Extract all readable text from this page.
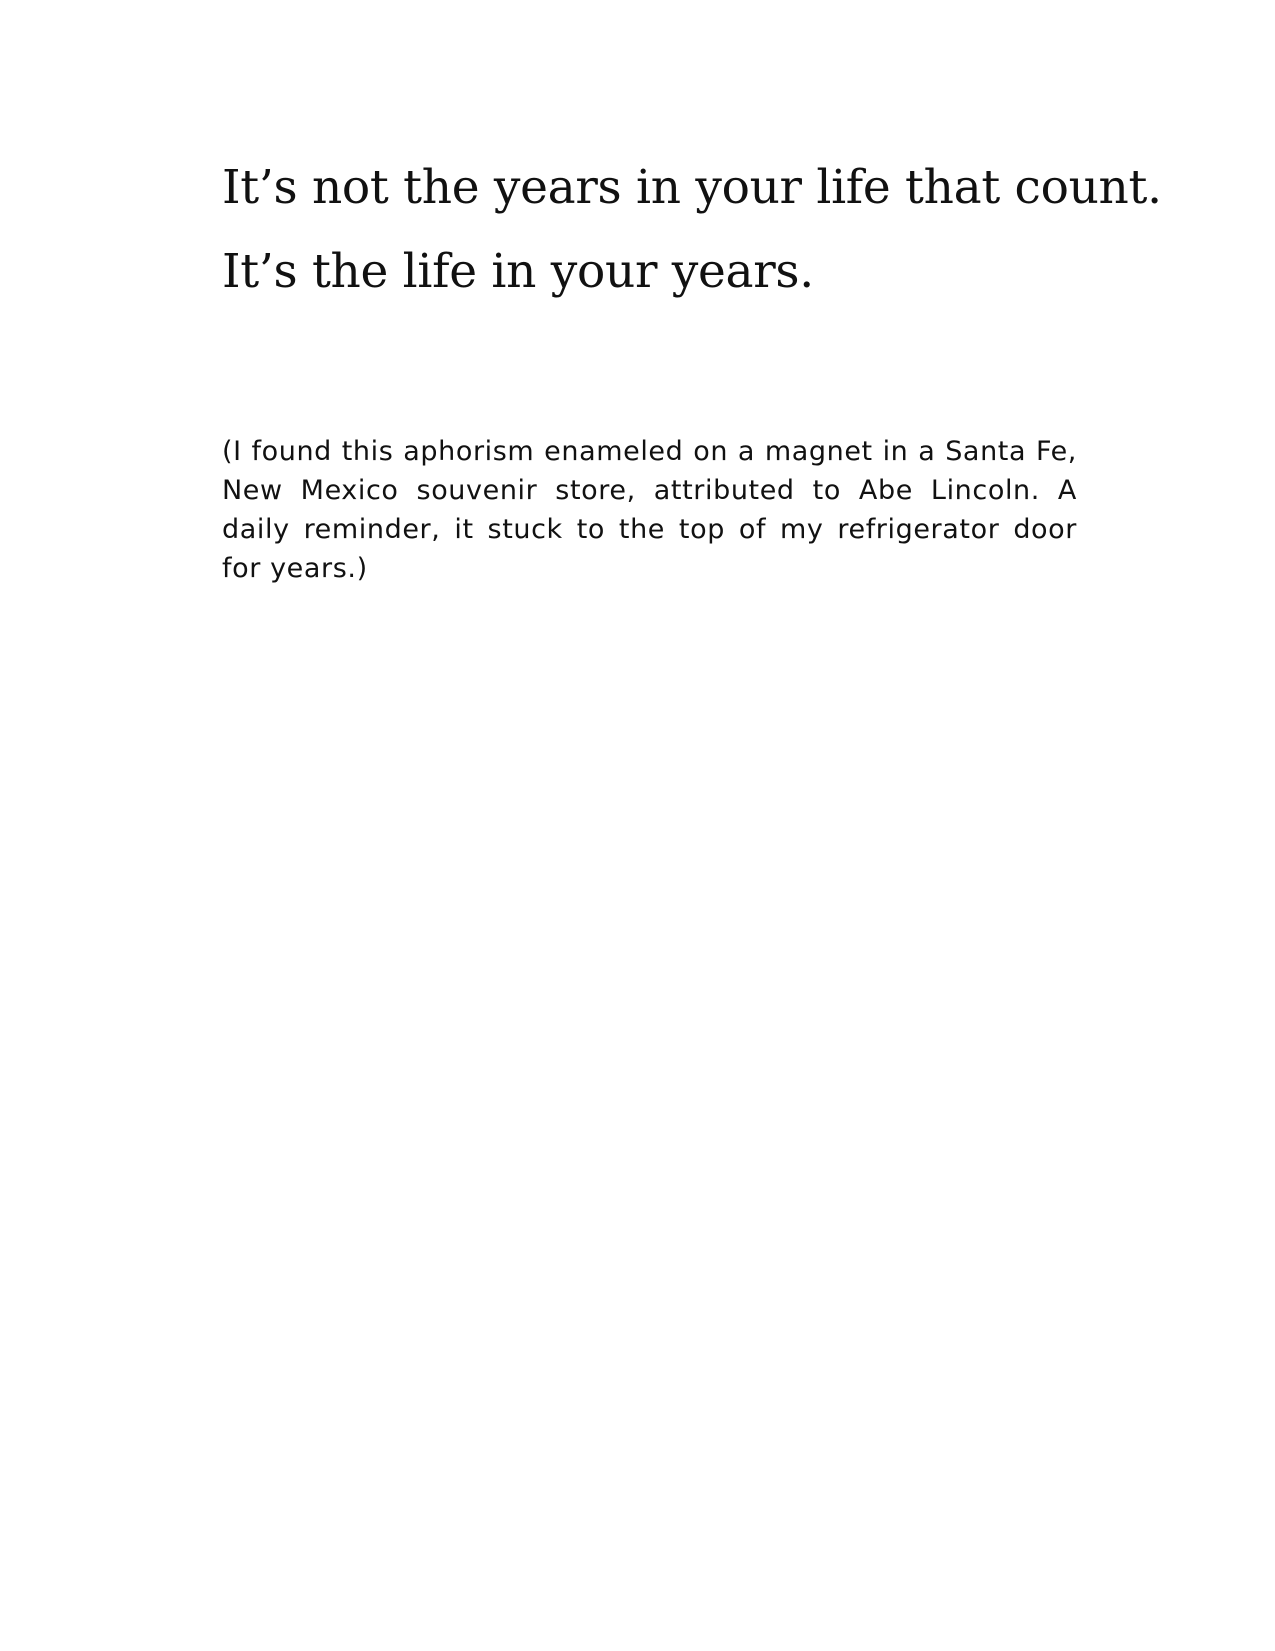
It’s not the years in your life that count.

It’s the life in your years.

(I found this aphorism enameled on a magnet in a Santa Fe, New Mexico souvenir store, attributed to Abe Lincoln. A daily reminder, it stuck to the top of my refrigerator door for years.)
